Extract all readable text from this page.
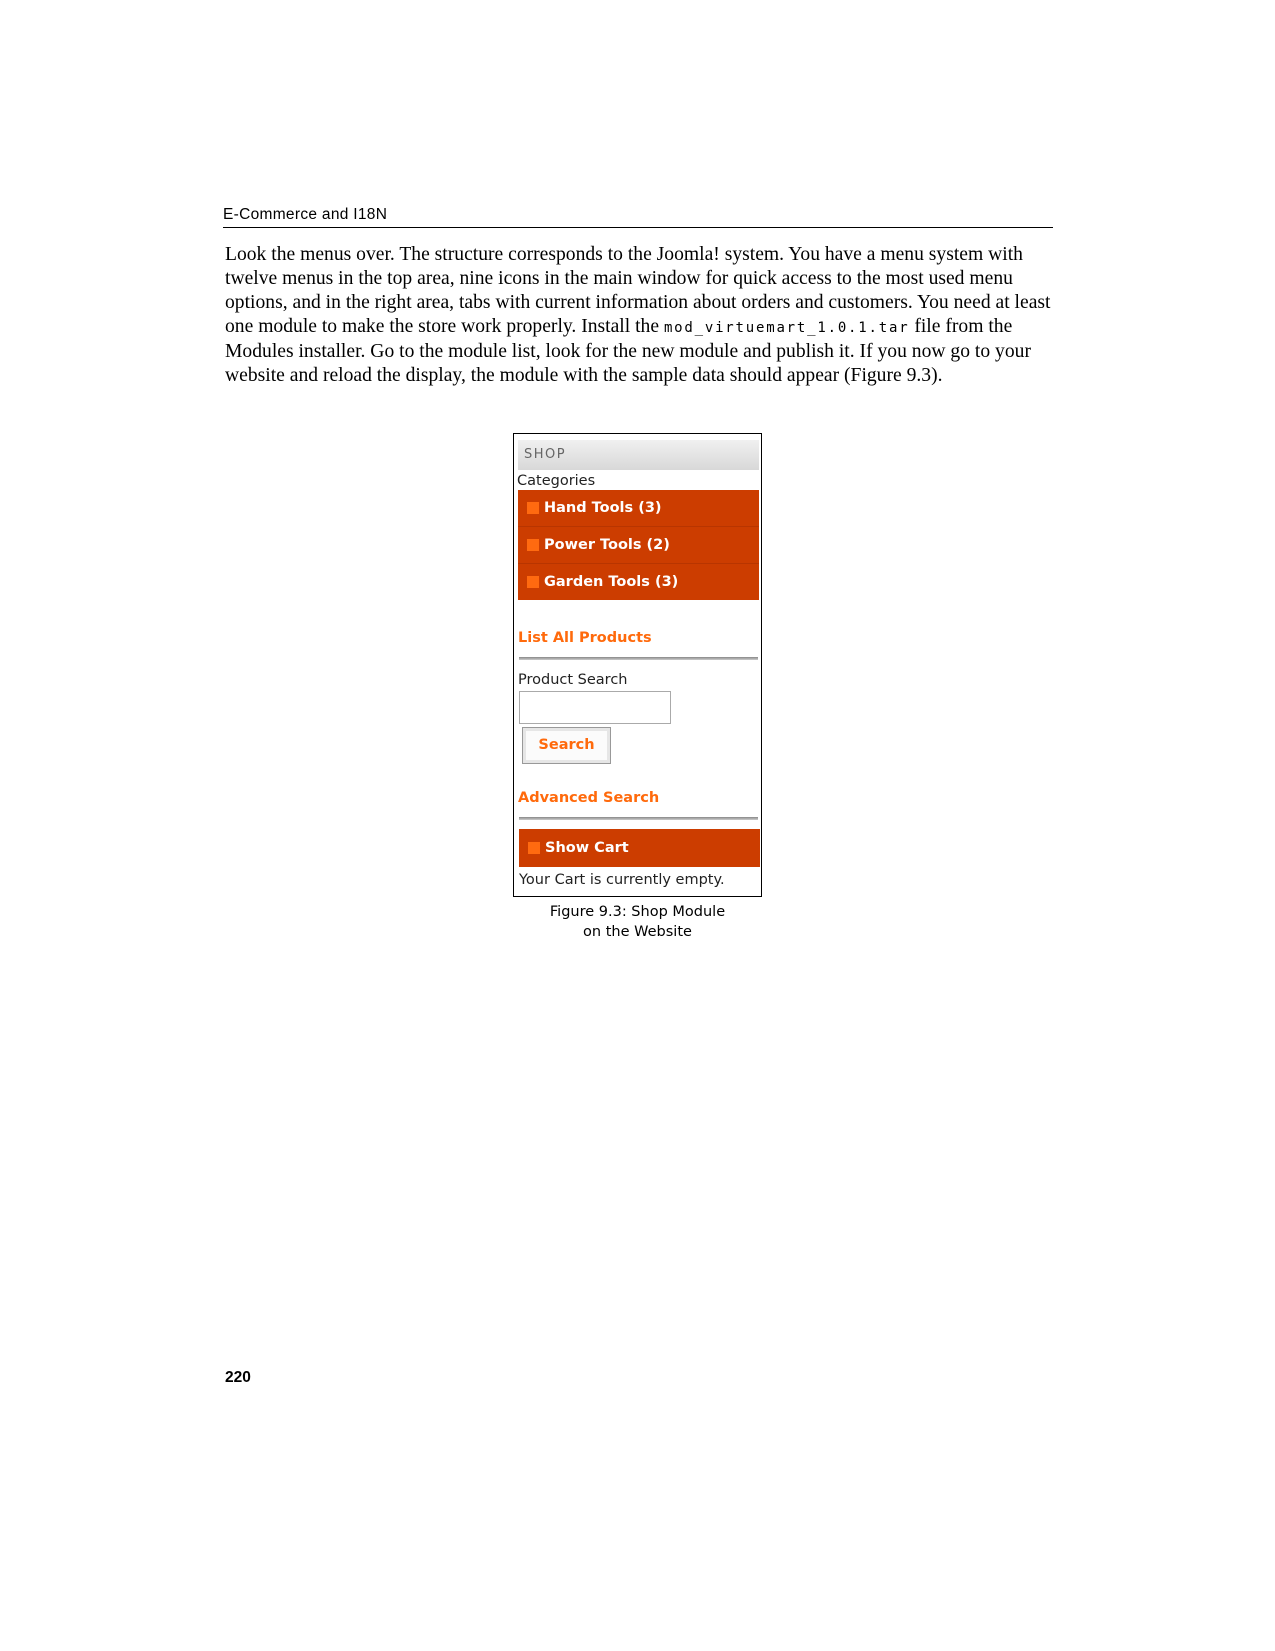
E-Commerce and I18N

Look the menus over. The structure corresponds to the Joomla! system. You have a menu system with twelve menus in the top area, nine icons in the main window for quick access to the most used menu options, and in the right area, tabs with current information about orders and customers. You need at least one module to make the store work properly. Install the mod_virtuemart_1.0.1.tar file from the Modules installer. Go to the module list, look for the new module and publish it. If you now go to your website and reload the display, the module with the sample data should appear (Figure 9.3).

SHOP
Categories
Hand Tools (3)
Power Tools (2)
Garden Tools (3)
List All Products
Product Search
Search
Advanced Search
Show Cart
Your Cart is currently empty.
Figure 9.3: Shop Module
on the Website
220
